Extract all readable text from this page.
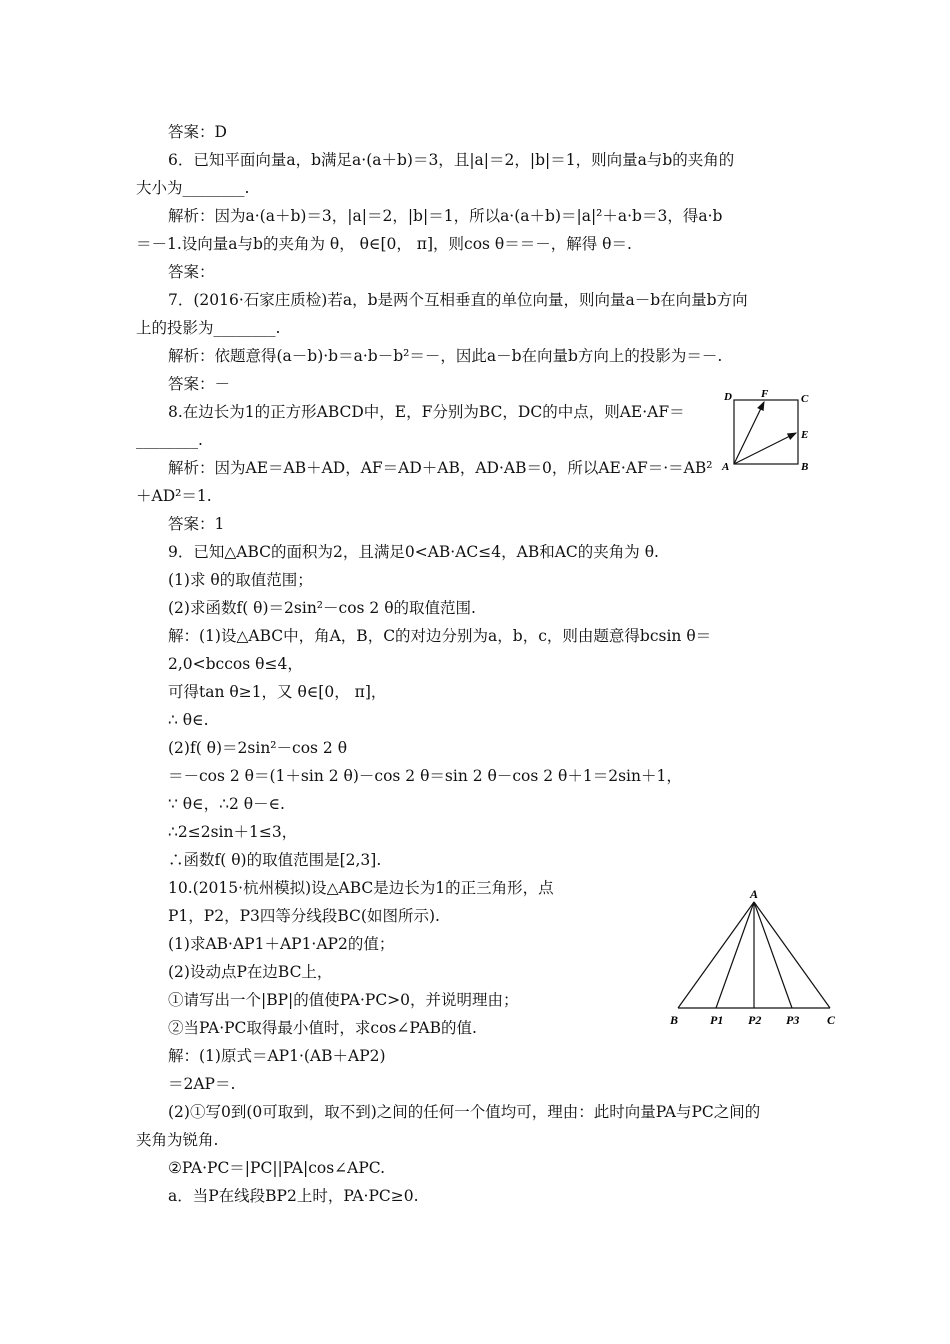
答案：D
6．已知平面向量a，b满足a·(a＋b)＝3，且|a|＝2，|b|＝1，则向量a与b的夹角的
大小为________.
解析：因为a·(a＋b)＝3，|a|＝2，|b|＝1，所以a·(a＋b)＝|a|²＋a·b＝3，得a·b
＝－1.设向量a与b的夹角为 θ， θ∈[0， π]，则cos θ＝＝－，解得 θ＝.
答案：
7．(2016·石家庄质检)若a，b是两个互相垂直的单位向量，则向量a－b在向量b方向
上的投影为________.
解析：依题意得(a－b)·b＝a·b－b²＝－，因此a－b在向量b方向上的投影为＝－.
答案：－
8.在边长为1的正方形ABCD中，E，F分别为BC，DC的中点，则AE·AF＝
________.
解析：因为AE＝AB＋AD，AF＝AD＋AB，AD·AB＝0，所以AE·AF＝·＝AB²
＋AD²＝1.
答案：1
9．已知△ABC的面积为2，且满足0<AB·AC≤4，AB和AC的夹角为 θ.
(1)求 θ的取值范围；
(2)求函数f( θ)＝2sin²－cos 2 θ的取值范围.
解：(1)设△ABC中，角A，B，C的对边分别为a，b，c，则由题意得bcsin θ＝
2,0<bccos θ≤4，
可得tan θ≥1，又 θ∈[0， π]，
∴ θ∈.
(2)f( θ)＝2sin²－cos 2 θ
＝－cos 2 θ＝(1＋sin 2 θ)－cos 2 θ＝sin 2 θ－cos 2 θ＋1＝2sin＋1，
∵ θ∈，∴2 θ－∈.
∴2≤2sin＋1≤3，
∴函数f( θ)的取值范围是[2,3].
10.(2015·杭州模拟)设△ABC是边长为1的正三角形，点
P1，P2，P3四等分线段BC(如图所示).
(1)求AB·AP1＋AP1·AP2的值；
(2)设动点P在边BC上，
①请写出一个|BP|的值使PA·PC>0，并说明理由；
②当PA·PC取得最小值时，求cos∠PAB的值.
解：(1)原式＝AP1·(AB＋AP2)
＝2AP＝.
(2)①写0到(0可取到，取不到)之间的任何一个值均可，理由：此时向量PA与PC之间的
夹角为锐角.
②PA·PC＝|PC||PA|cos∠APC.
a．当P在线段BP2上时，PA·PC≥0.
D	F	C
E
A	B
A
B	P1 P2 P3 C
